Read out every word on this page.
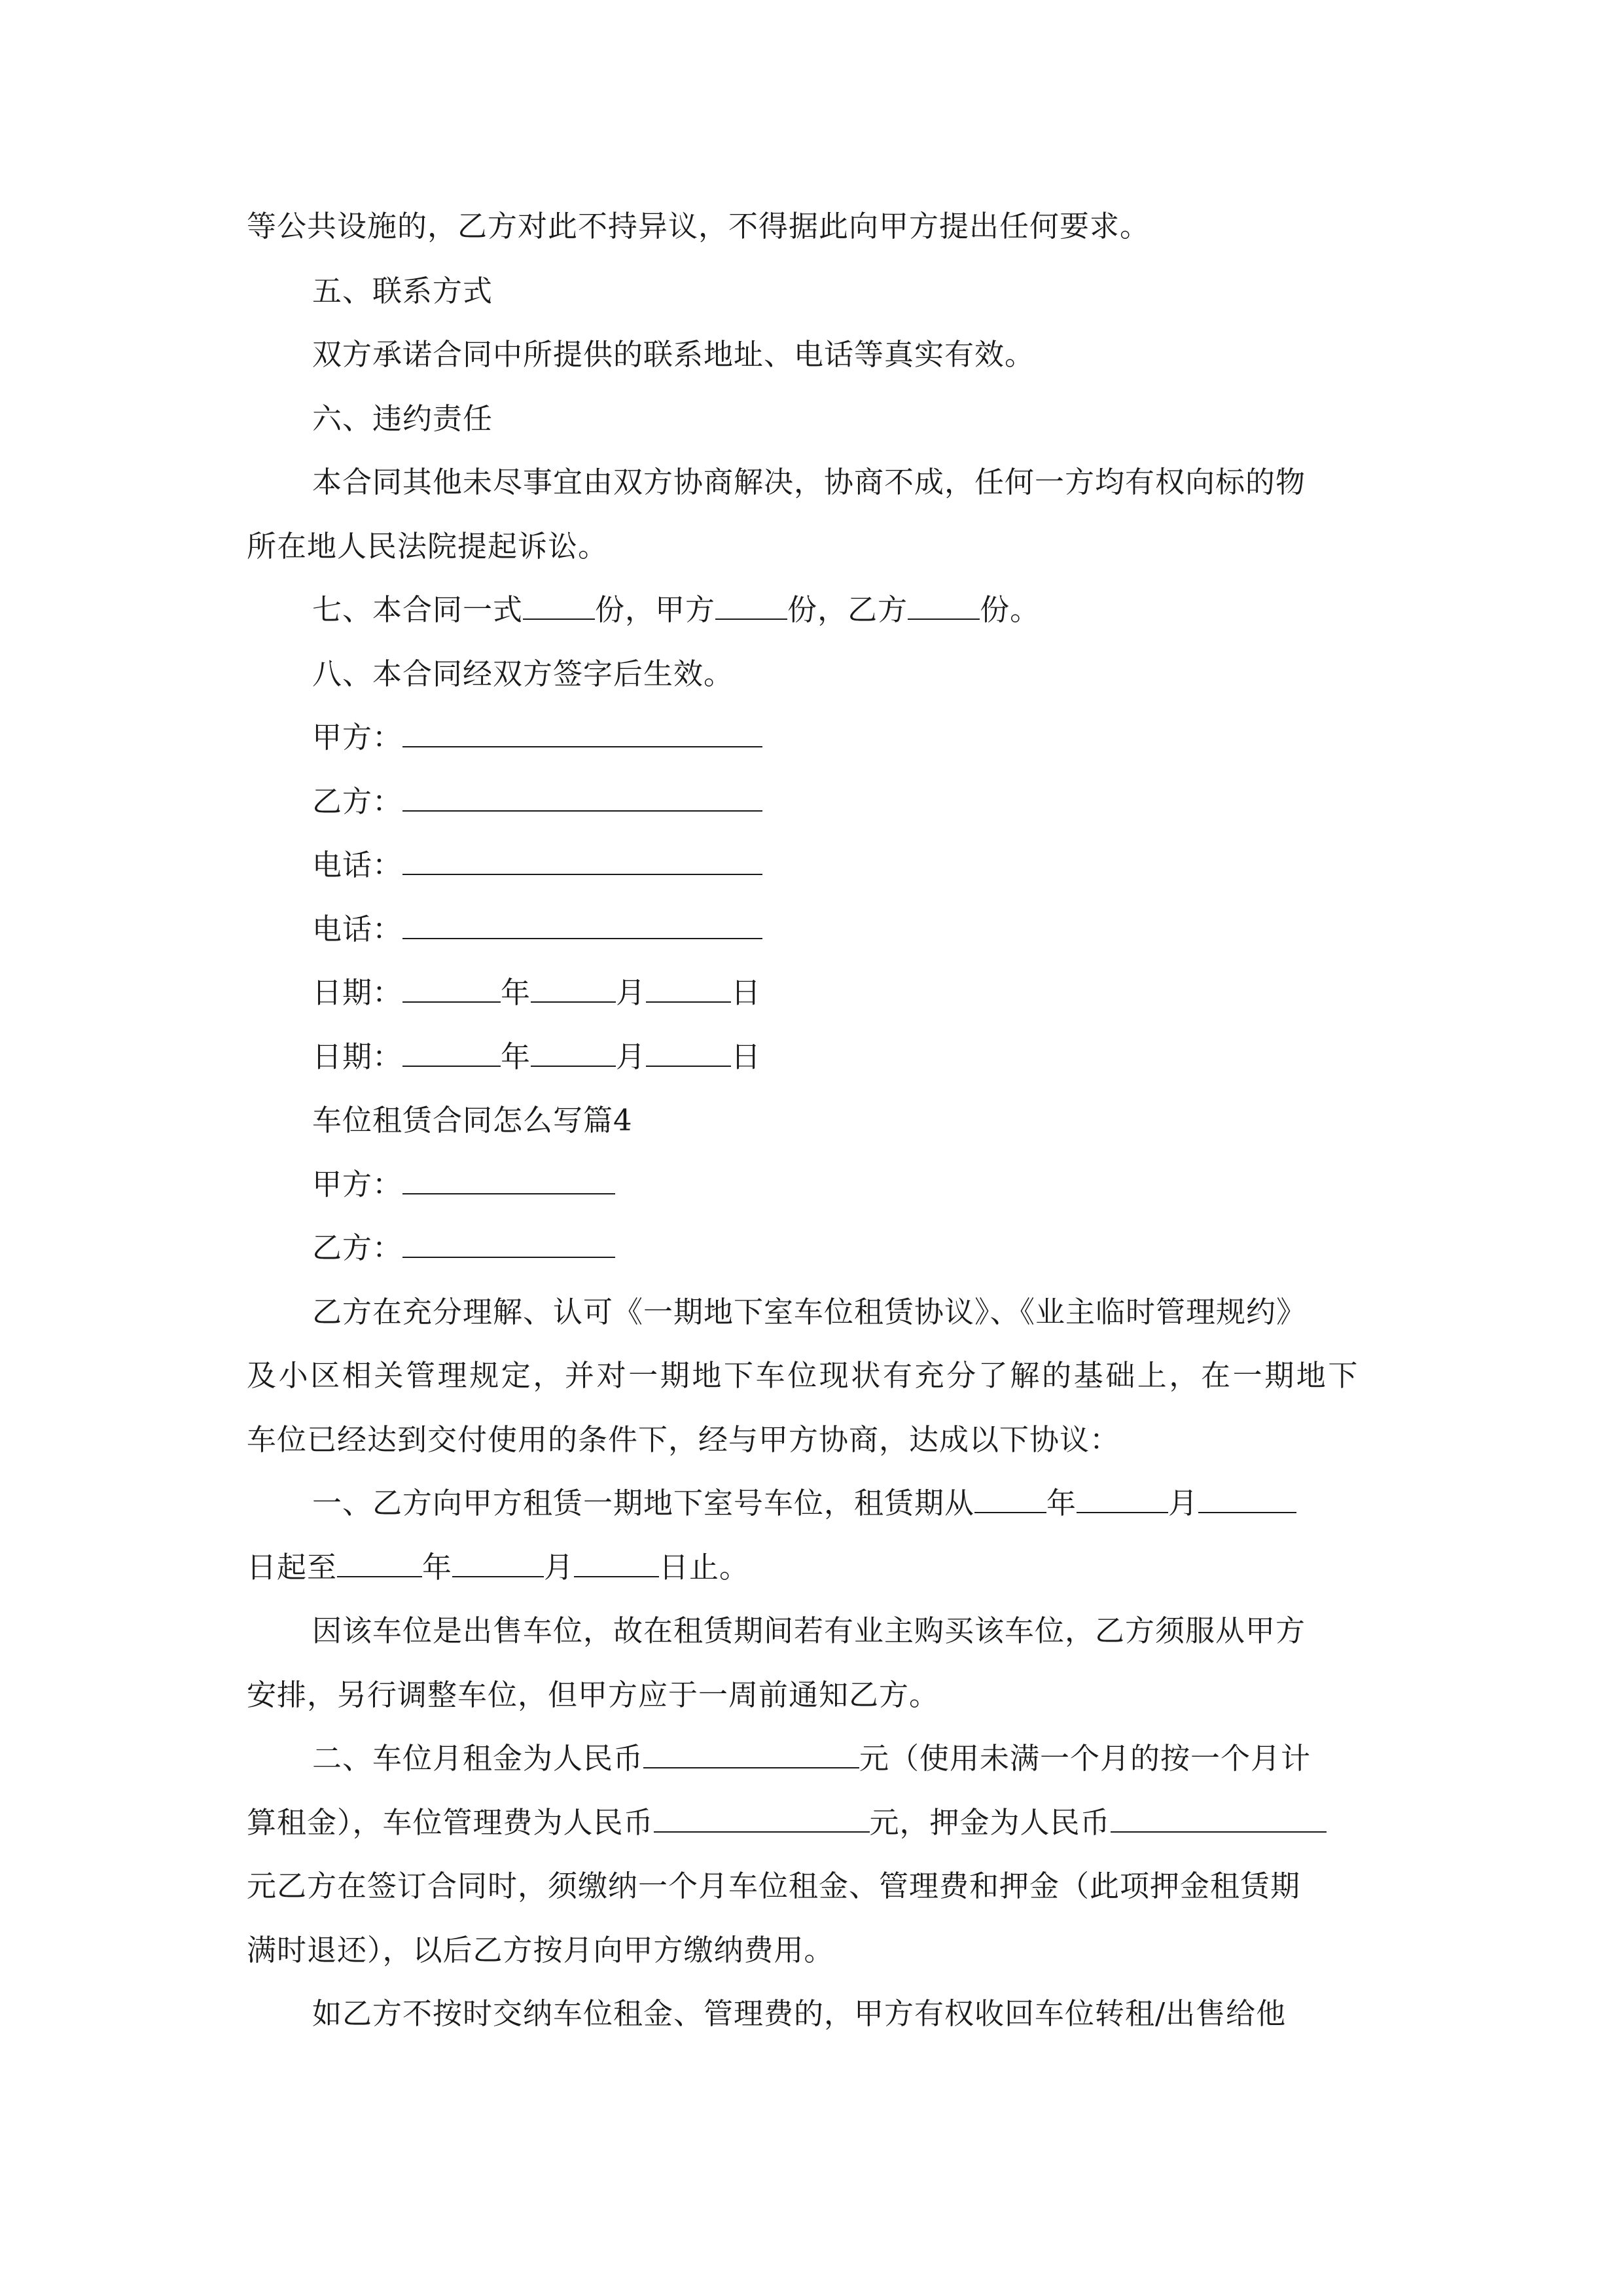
等公共设施的，乙方对此不持异议，不得据此向甲方提出任何要求。
五、联系方式
双方承诺合同中所提供的联系地址、电话等真实有效。
六、违约责任
本合同其他未尽事宜由双方协商解决，协商不成，任何一方均有权向标的物
所在地人民法院提起诉讼。
七、本合同一式 份，甲方 份，乙方 份。
八、本合同经双方签字后生效。
甲方：
乙方：
电话：
电话：
日期：	年	月	日
日期：	年	月	日
车位租赁合同怎么写篇4
甲方：
乙方：
乙方在充分理解、认可《一期地下室车位租赁协议》、《业主临时管理规约》
及小区相关管理规定，并对一期地下车位现状有充分了解的基础上，在一期地下
车位已经达到交付使用的条件下，经与甲方协商，达成以下协议：
一、乙方向甲方租赁一期地下室号车位，租赁期从 年	月
日起至	年	月	日止。
因该车位是出售车位，故在租赁期间若有业主购买该车位，乙方须服从甲方
安排，另行调整车位，但甲方应于一周前通知乙方。
二、车位月租金为人民币	元（使用未满一个月的按一个月计
算租金），车位管理费为人民币	元，押金为人民币
元乙方在签订合同时，须缴纳一个月车位租金、管理费和押金（此项押金租赁期
满时退还），以后乙方按月向甲方缴纳费用。
如乙方不按时交纳车位租金、管理费的，甲方有权收回车位转租/出售给他
